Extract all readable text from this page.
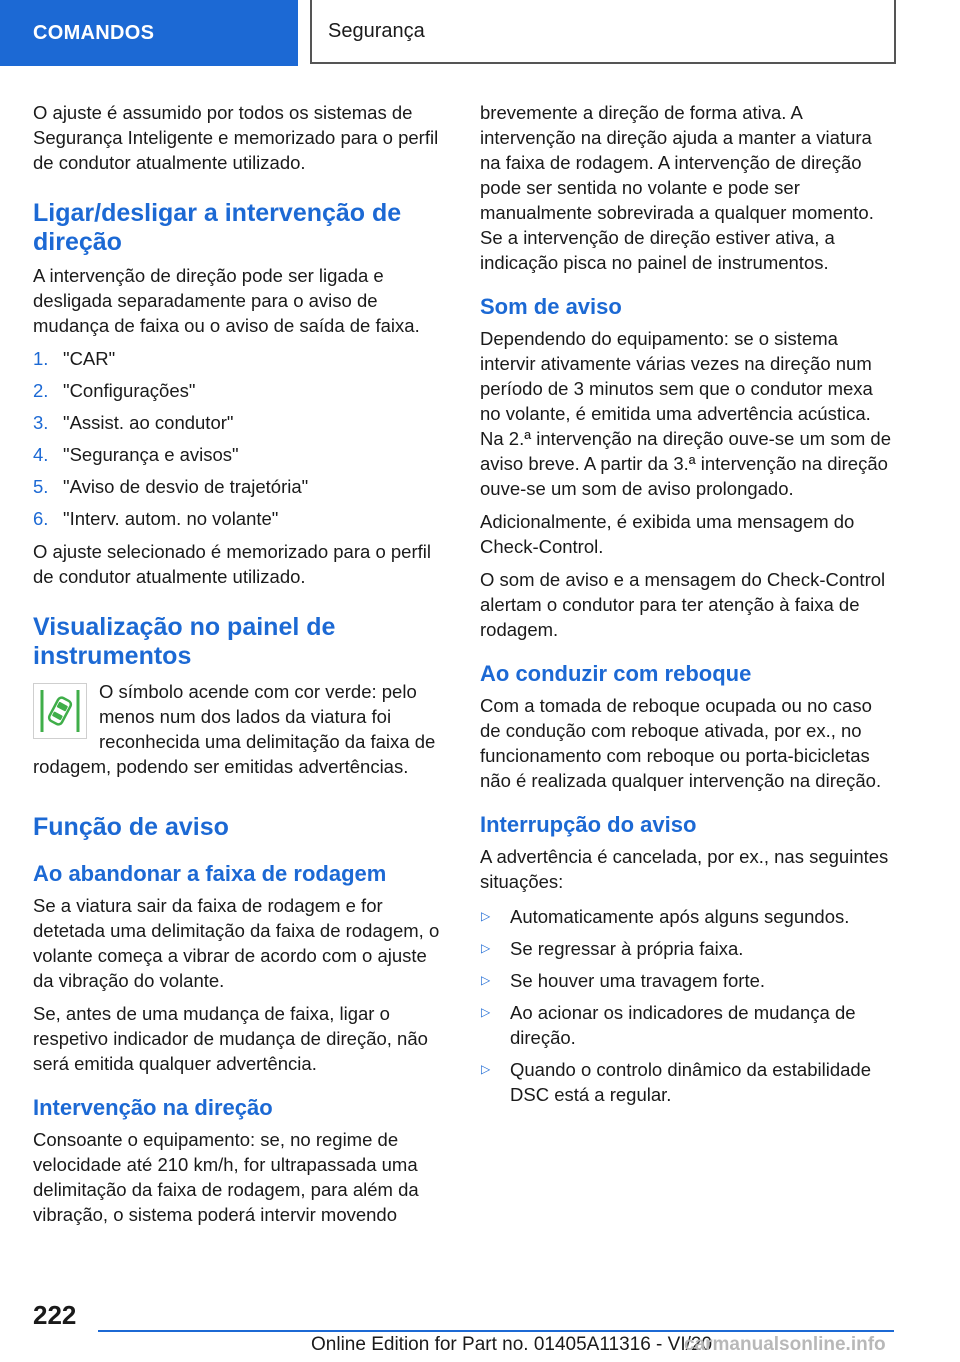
COMANDOS	Segurança

O ajuste é assumido por todos os sistemas de Segurança Inteligente e memorizado para o perfil de condutor atualmente utilizado.

Ligar/desligar a intervenção de direção

A intervenção de direção pode ser ligada e desligada separadamente para o aviso de mudança de faixa ou o aviso de saída de faixa.

1. "CAR"
2. "Configurações"
3. "Assist. ao condutor"
4. "Segurança e avisos"
5. "Aviso de desvio de trajetória"
6. "Interv. autom. no volante"

O ajuste selecionado é memorizado para o perfil de condutor atualmente utilizado.

Visualização no painel de instrumentos
O símbolo acende com cor verde: pelo menos num dos lados da viatura foi reconhecida uma delimitação da faixa de rodagem, podendo ser emitidas advertências.
Função de aviso
Ao abandonar a faixa de rodagem

Se a viatura sair da faixa de rodagem e for detetada uma delimitação da faixa de rodagem, o volante começa a vibrar de acordo com o ajuste da vibração do volante.

Se, antes de uma mudança de faixa, ligar o respetivo indicador de mudança de direção, não será emitida qualquer advertência.

Intervenção na direção

Consoante o equipamento: se, no regime de velocidade até 210 km/h, for ultrapassada uma delimitação da faixa de rodagem, para além da vibração, o sistema poderá intervir movendo

brevemente a direção de forma ativa. A intervenção na direção ajuda a manter a viatura na faixa de rodagem. A intervenção de direção pode ser sentida no volante e pode ser manualmente sobrevirada a qualquer momento. Se a intervenção de direção estiver ativa, a indicação pisca no painel de instrumentos.

Som de aviso

Dependendo do equipamento: se o sistema intervir ativamente várias vezes na direção num período de 3 minutos sem que o condutor mexa no volante, é emitida uma advertência acústica. Na 2.ª intervenção na direção ouve-se um som de aviso breve. A partir da 3.ª intervenção na direção ouve-se um som de aviso prolongado.

Adicionalmente, é exibida uma mensagem do Check-Control.

O som de aviso e a mensagem do Check-Control alertam o condutor para ter atenção à faixa de rodagem.

Ao conduzir com reboque

Com a tomada de reboque ocupada ou no caso de condução com reboque ativada, por ex., no funcionamento com reboque ou porta-bicicletas não é realizada qualquer intervenção na direção.

Interrupção do aviso

A advertência é cancelada, por ex., nas seguintes situações:

▷	Automaticamente após alguns segundos.
▷	Se regressar à própria faixa.
▷	Se houver uma travagem forte.
▷	Ao acionar os indicadores de mudança de direção.
▷	Quando o controlo dinâmico da estabilidade DSC está a regular.
222
Online Edition for Part no. 01405A11316 - VI/20
carmanualsonline.info
